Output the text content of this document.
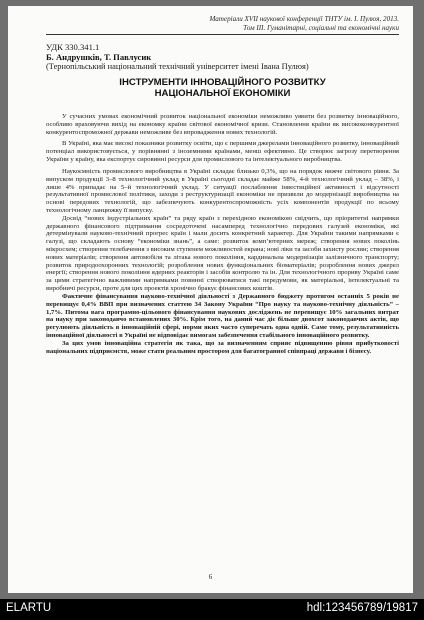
Матеріали XVII наукової конференції ТНТУ ім. І. Пулюя, 2013.
Том III. Гуманітарні, соціальні та економічні науки
УДК 330.341.1
Б. Андрушків, Т. Павлусик
(Тернопільський національний технічний університет імені Івана Пулюя)
ІНСТРУМЕНТИ ІННОВАЦІЙНОГО РОЗВИТКУ
НАЦІОНАЛЬНОЇ ЕКОНОМІКИ

У сучасних умовах економічний розвиток національної економіки неможливо уявити без розвитку інноваційного, особливо враховуючи вихід на економку країни світової економічної кризи. Становлення країни як висококонкурентної конкурентоспроможної держави неможливе без впровадження нових технологій.

В Україні, яка має високі показники розвитку освіти, що є першими джерелами інноваційного розвитку, інноваційний потенціал використовується, у порівнянні з іноземними країнами, менш ефективно. Це створює загрозу перетворення України у країну, яка експортує сировинні ресурси для промислового та інтелектуального виробництва.

Наукоємність промислового виробництва в Україні складає близько 0,3%, що на порядок нижче світового рівня. За випуском продукції 3–8 технологічний уклад в Україні сьогодні складає майже 58%, 4-й технологічний уклад – 38%, і лише 4% припадає на 5–й технологічний уклад. У ситуації послаблення інвестиційної активності і відсутності результативної промислової політики, заходи з реструктуризації економіки не призвели до модернізації виробництва на основі передових технологій, що забезпечують конкурентоспроможність усіх компонентів продукції по всьому технологічному ланцюжку її випуску.

Досвід “нових індустріальних країн” та ряду країн з перехідною економікою свідчить, що пріоритетні напрямки державного фінансового підтримання сосредоточені насамперед технологічно передових галузей економіки, які детермінували науково-технічний прогрес країн і мали досить конкретний характер. Для України такими напрямками є галузі, що складають основу “економіки знань”, а саме: розвиток комп’ютерних мереж; створення нових поколінь мікросхем; створення телебачення з високим ступенем можливостей екрана; нові ліки та засоби захисту рослин; створення нових матеріалів; створення автомобіля та літака нового покоління, кардинальна модернізація залізничного транспорту; розвиток природоохоронних технологій; розроблення нових функціональних біоматеріалів; розроблення нових джерел енергії; створення нового покоління ядерних реакторів і засобів контролю та ін. Для технологічного прориву Україні саме за цими стратегічно важливими напрямками повинні створюватися такі передумови, як матеріальні, інтелектуальні та виробничі ресурси, проте для цих проектів хронічно бракує фінансових коштів.

Фактичне фінансування науково-технічної діяльності з Державного бюджету протягом останніх 5 років не перевищує 0,4% ВВП при визначених статтею 34 Закону України “Про науку та науково-технічну діяльність” – 1,7%. Питома вага програмно-цільового фінансування наукових досліджень не перевищує 10% загальних витрат на науку при законодавчо встановлених 30%. Крім того, на даний час діє більше двохсот законодавчих актів, що регулюють діяльність в інноваційній сфері, норми яких часто суперечать одна одній. Саме тому, результативність інноваційної діяльності в Україні не відповідає вимогам забезпечення стабільного інноваційного розвитку.

За цих умов інноваційна стратегія як така, що за визначенням сприяє підвищенню рівня прибутковості національних підприємств, може стати реальним простором для багатогранної співпраці держави і бізнесу.

6
ELARTU	hdl:123456789/19817
